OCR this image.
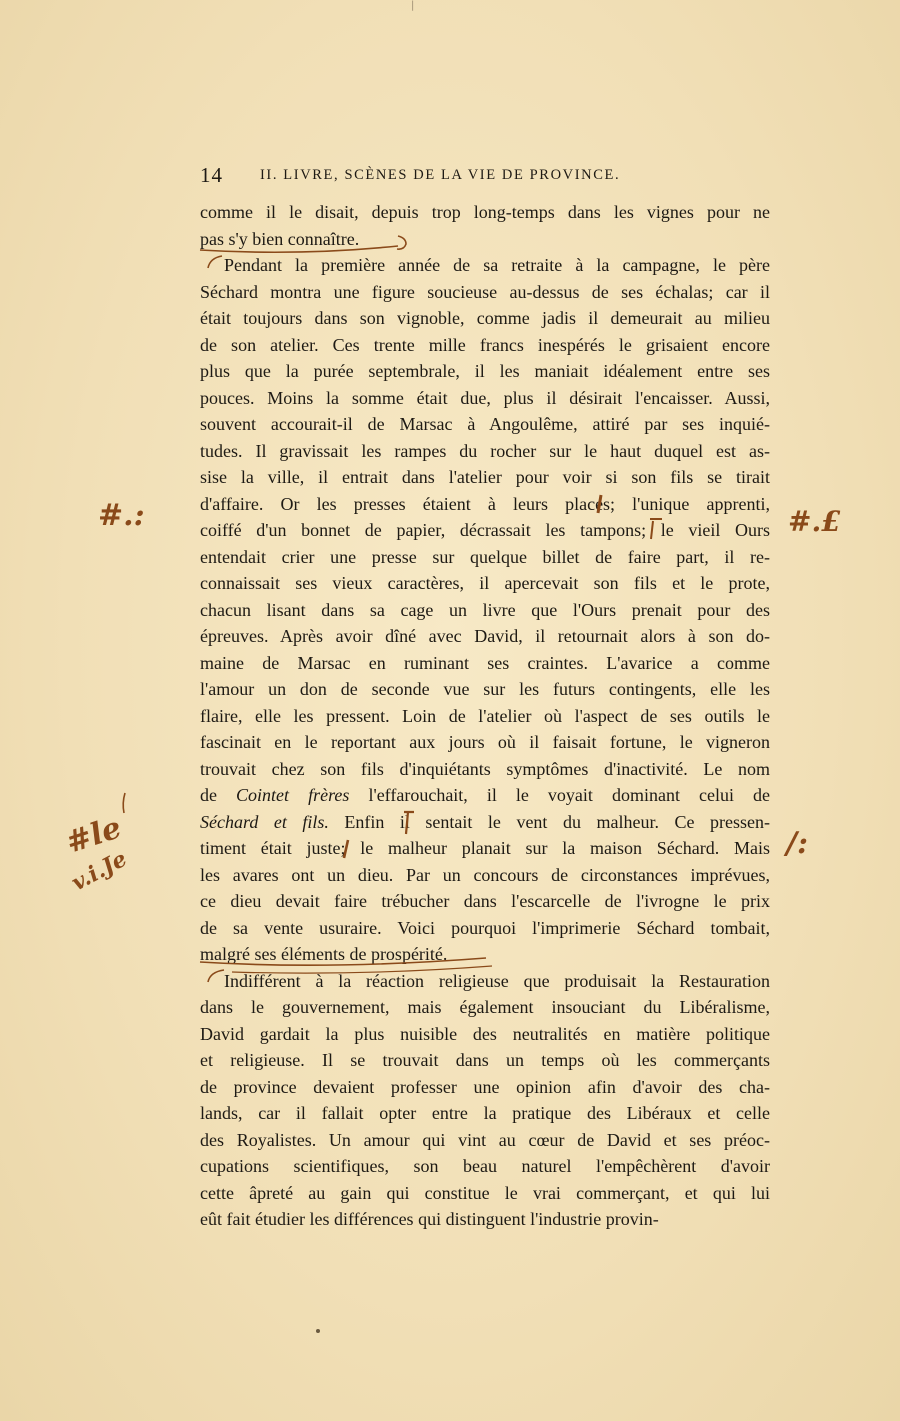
|
14	II. LIVRE, SCÈNES DE LA VIE DE PROVINCE.
comme il le disait, depuis trop long-temps dans les vignes pour ne
pas s'y bien connaître.
Pendant la première année de sa retraite à la campagne, le père
Séchard montra une figure soucieuse au-dessus de ses échalas; car il
était toujours dans son vignoble, comme jadis il demeurait au milieu
de son atelier. Ces trente mille francs inespérés le grisaient encore
plus que la purée septembrale, il les maniait idéalement entre ses
pouces. Moins la somme était due, plus il désirait l'encaisser. Aussi,
souvent accourait-il de Marsac à Angoulême, attiré par ses inquié-
tudes. Il gravissait les rampes du rocher sur le haut duquel est as-
sise la ville, il entrait dans l'atelier pour voir si son fils se tirait
d'affaire. Or les presses étaient à leurs places; l'unique apprenti,
coiffé d'un bonnet de papier, décrassait les tampons; le vieil Ours
entendait crier une presse sur quelque billet de faire part, il re-
connaissait ses vieux caractères, il apercevait son fils et le prote,
chacun lisant dans sa cage un livre que l'Ours prenait pour des
épreuves. Après avoir dîné avec David, il retournait alors à son do-
maine de Marsac en ruminant ses craintes. L'avarice a comme
l'amour un don de seconde vue sur les futurs contingents, elle les
flaire, elle les pressent. Loin de l'atelier où l'aspect de ses outils le
fascinait en le reportant aux jours où il faisait fortune, le vigneron
trouvait chez son fils d'inquiétants symptômes d'inactivité. Le nom
de Cointet frères l'effarouchait, il le voyait dominant celui de
Séchard et fils. Enfin il sentait le vent du malheur. Ce pressen-
timent était juste; le malheur planait sur la maison Séchard. Mais
les avares ont un dieu. Par un concours de circonstances imprévues,
ce dieu devait faire trébucher dans l'escarcelle de l'ivrogne le prix
de sa vente usuraire. Voici pourquoi l'imprimerie Séchard tombait,
malgré ses éléments de prospérité.
Indifférent à la réaction religieuse que produisait la Restauration
dans le gouvernement, mais également insouciant du Libéralisme,
David gardait la plus nuisible des neutralités en matière politique
et religieuse. Il se trouvait dans un temps où les commerçants
de province devaient professer une opinion afin d'avoir des cha-
lands, car il fallait opter entre la pratique des Libéraux et celle
des Royalistes. Un amour qui vint au cœur de David et ses préoc-
cupations scientifiques, son beau naturel l'empêchèrent d'avoir
cette âpreté au gain qui constitue le vrai commerçant, et qui lui
eût fait étudier les différences qui distinguent l'industrie provin-
#.:	#.£
#le
v.i.Je
/:
